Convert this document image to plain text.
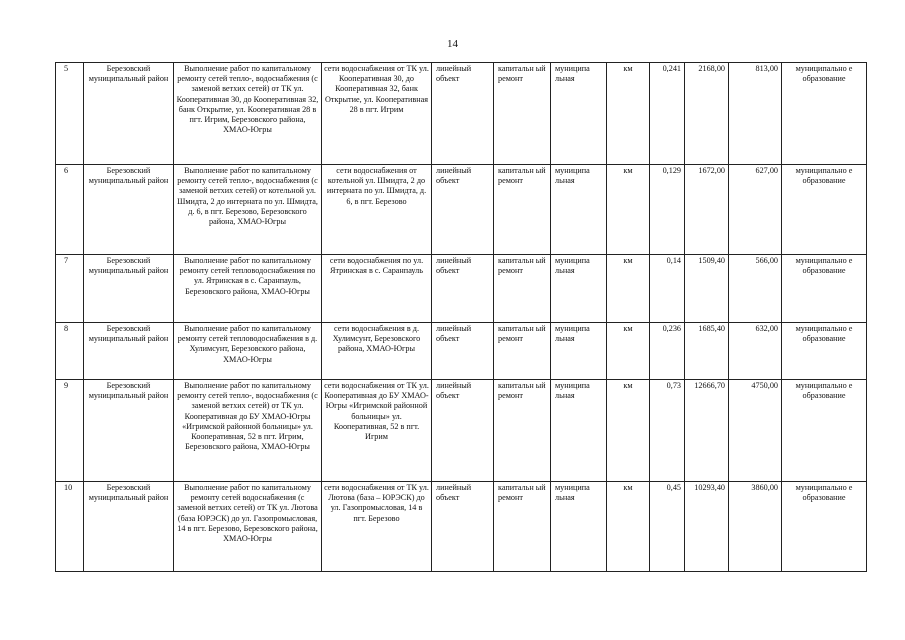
14
5	Березовский муниципальный район	Выполнение работ по капитальному ремонту сетей тепло-, водоснабжения (с заменой ветхих сетей) от ТК ул. Кооперативная 30, до Кооперативная 32, банк Открытие, ул. Кооперативная 28 в пгт. Игрим, Березовского района, ХМАО-Югры	сети водоснабжения от ТК ул. Кооперативная 30, до Кооперативная 32, банк Открытие, ул. Кооперативная 28 в пгт. Игрим	линейный объект	капитальн ый ремонт	муниципа льная	км	0,241	2168,00	813,00	муниципально е образование
6	Березовский муниципальный район	Выполнение работ по капитальному ремонту сетей тепло-, водоснабжения (с заменой ветхих сетей) от котельной ул. Шмидта, 2 до интерната по ул. Шмидта, д. 6, в пгт. Березово, Березовского района, ХМАО-Югры	сети водоснабжения от котельной ул. Шмидта, 2 до интерната по ул. Шмидта, д. 6, в пгт. Березово	линейный объект	капитальн ый ремонт	муниципа льная	км	0,129	1672,00	627,00	муниципально е образование
7	Березовский муниципальный район	Выполнение работ по капитальному ремонту сетей тепловодоснабжения по ул. Ятринская в с. Саранпауль, Березовского района, ХМАО-Югры	сети водоснабжения по ул. Ятринская в с. Саранпауль	линейный объект	капитальн ый ремонт	муниципа льная	км	0,14	1509,40	566,00	муниципально е образование
8	Березовский муниципальный район	Выполнение работ по капитальному ремонту сетей тепловодоснабжения в д. Хулимсунт, Березовского района, ХМАО-Югры	сети водоснабжения в д. Хулимсунт, Березовского района, ХМАО-Югры	линейный объект	капитальн ый ремонт	муниципа льная	км	0,236	1685,40	632,00	муниципально е образование
9	Березовский муниципальный район	Выполнение работ по капитальному ремонту сетей тепло-, водоснабжения (с заменой ветхих сетей) от ТК ул. Кооперативная до БУ ХМАО-Югры «Игримской районной больницы» ул. Кооперативная, 52 в пгт. Игрим, Березовского района, ХМАО-Югры	сети водоснабжения от ТК ул. Кооперативная до БУ ХМАО-Югры «Игримской районной больницы» ул. Кооперативная, 52 в пгт. Игрим	линейный объект	капитальн ый ремонт	муниципа льная	км	0,73	12666,70	4750,00	муниципально е образование
10	Березовский муниципальный район	Выполнение работ по капитальному ремонту сетей водоснабжения (с заменой ветхих сетей) от ТК ул. Лютова (база ЮРЭСК) до ул. Газопромысловая, 14 в пгт. Березово, Березовского района, ХМАО-Югры	сети водоснабжения от ТК ул. Лютова (база – ЮРЭСК) до ул. Газопромысловая, 14 в пгт. Березово	линейный объект	капитальн ый ремонт	муниципа льная	км	0,45	10293,40	3860,00	муниципально е образование
